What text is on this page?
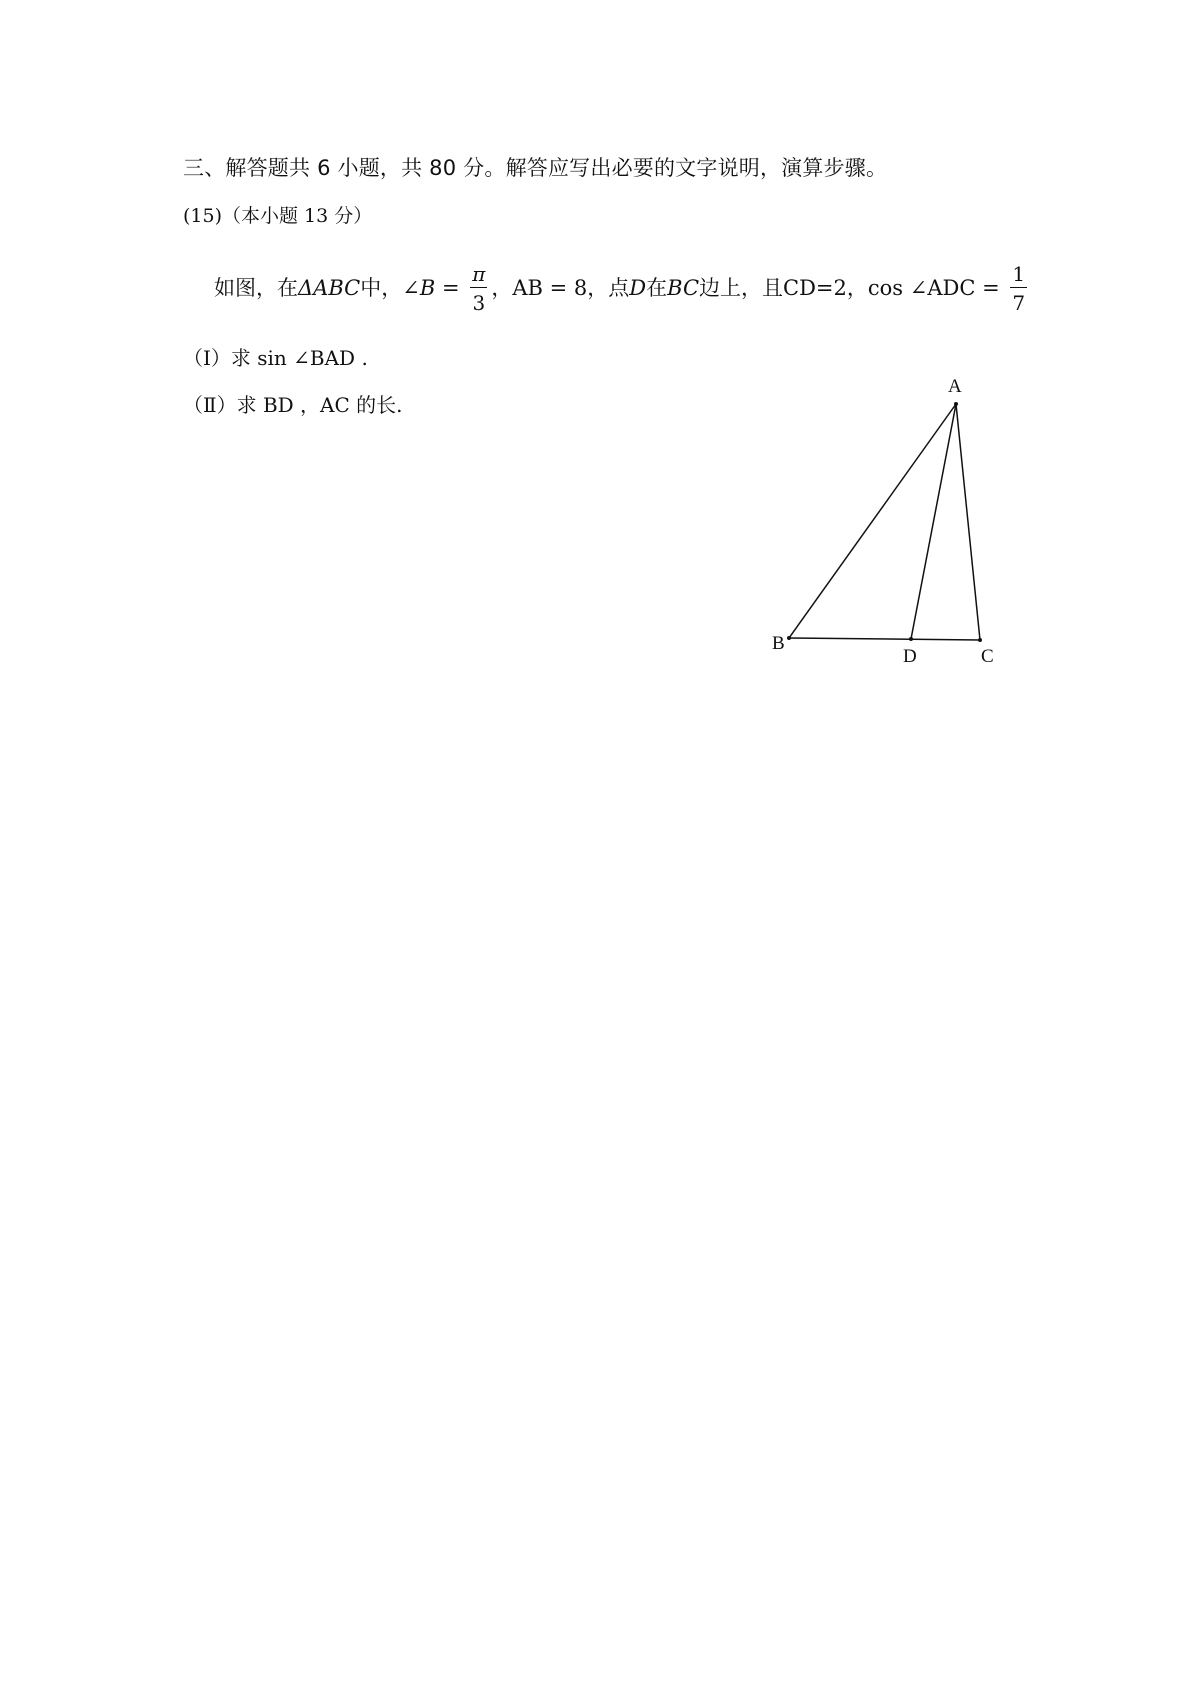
三、解答题共 6 小题，共 80 分。解答应写出必要的文字说明，演算步骤。
(15)（本小题 13 分）
如图，在ΔABC中，∠B = $\frac{\pi}{3}$ ，AB = 8，点D在BC边上，且CD=2，cos ∠ADC = $\frac{1}{7}$
（Ⅰ）求 sin ∠BAD .
（Ⅱ）求 BD ，AC 的长.
A
B
C
D
